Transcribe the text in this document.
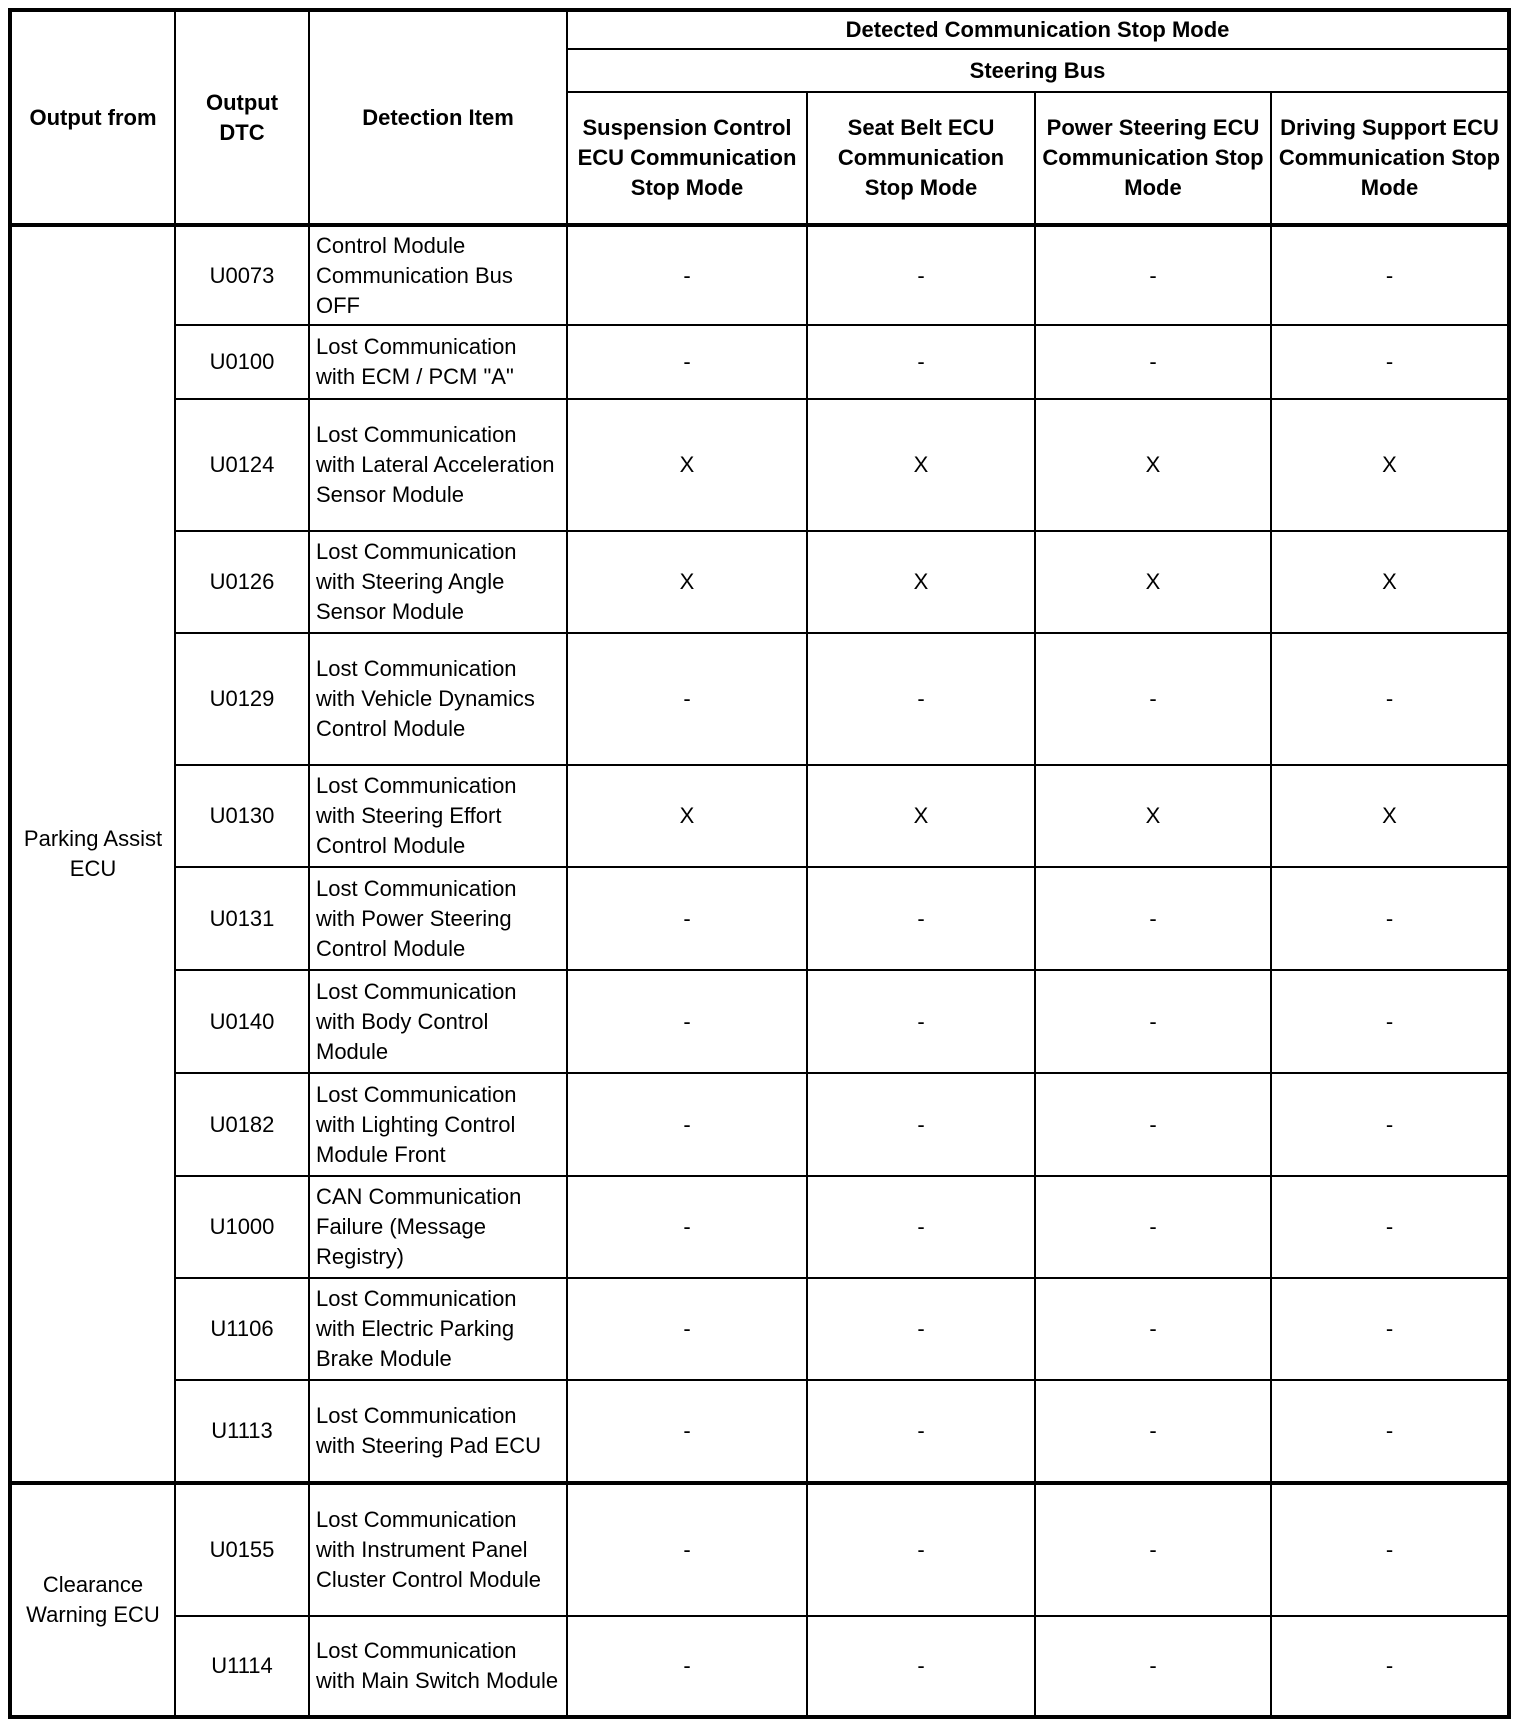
Output from	Output DTC	Detection Item	Detected Communication Stop Mode			
			Steering Bus			
			Suspension Control ECU Communication Stop Mode	Seat Belt ECU Communication Stop Mode	Power Steering ECU Communication Stop Mode	Driving Support ECU Communication Stop Mode
Parking Assist ECU	U0073	Control Module Communication Bus OFF	-	-	-	-
	U0100	Lost Communication with ECM / PCM "A"	-	-	-	-
	U0124	Lost Communication with Lateral Acceleration Sensor Module	X	X	X	X
	U0126	Lost Communication with Steering Angle Sensor Module	X	X	X	X
	U0129	Lost Communication with Vehicle Dynamics Control Module	-	-	-	-
	U0130	Lost Communication with Steering Effort Control Module	X	X	X	X
	U0131	Lost Communication with Power Steering Control Module	-	-	-	-
	U0140	Lost Communication with Body Control Module	-	-	-	-
	U0182	Lost Communication with Lighting Control Module Front	-	-	-	-
	U1000	CAN Communication Failure (Message Registry)	-	-	-	-
	U1106	Lost Communication with Electric Parking Brake Module	-	-	-	-
	U1113	Lost Communication with Steering Pad ECU	-	-	-	-
Clearance Warning ECU	U0155	Lost Communication with Instrument Panel Cluster Control Module	-	-	-	-
	U1114	Lost Communication with Main Switch Module	-	-	-	-
